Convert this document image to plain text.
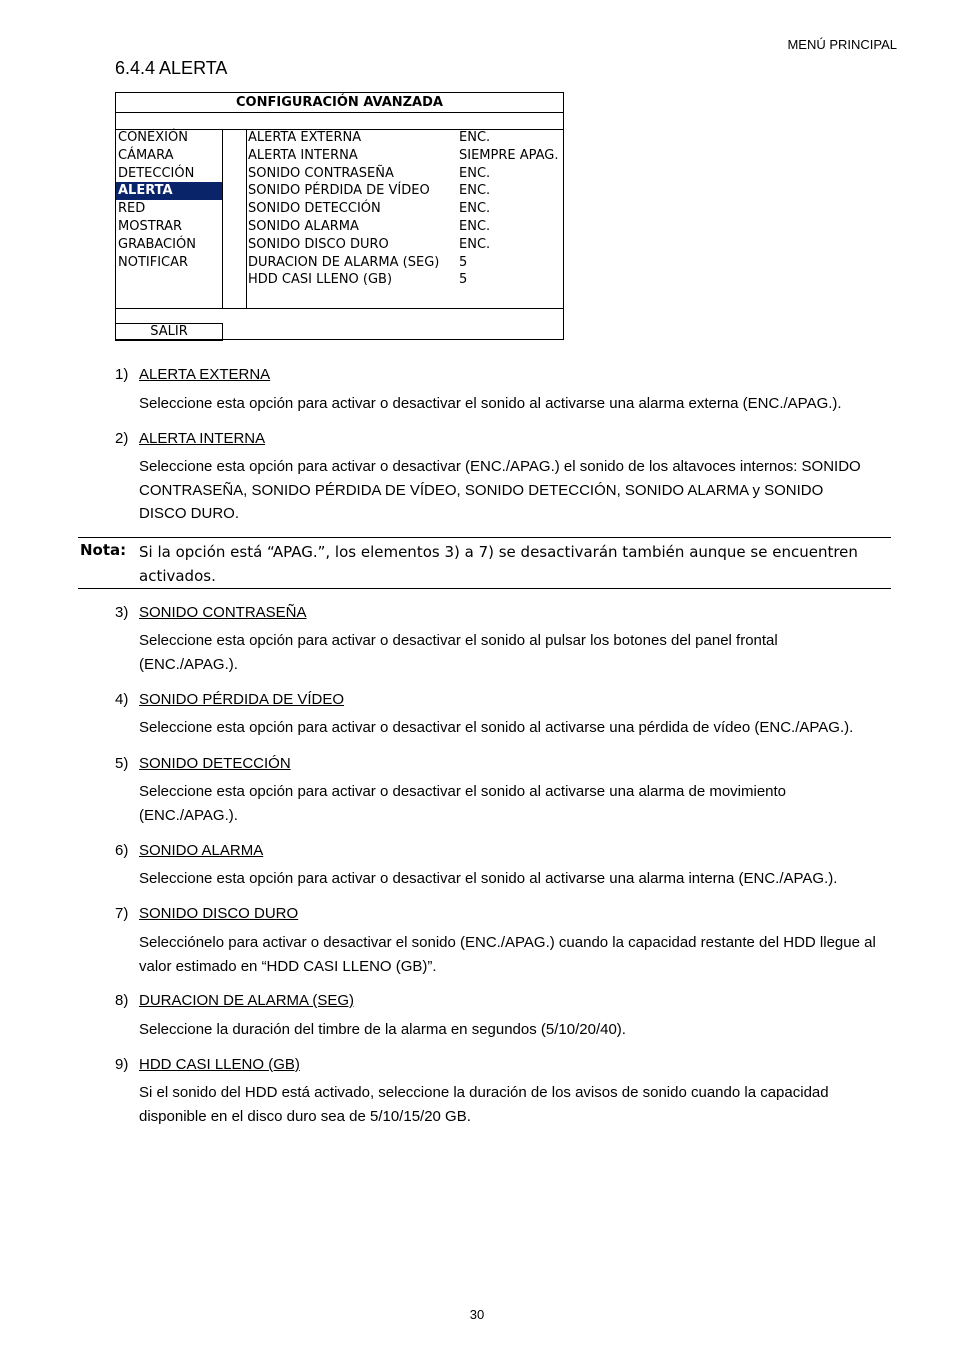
MENÚ PRINCIPAL
6.4.4 ALERTA
CONFIGURACIÓN AVANZADA
CONEXIÓN
CÁMARA
DETECCIÓN
ALERTA
RED
MOSTRAR
GRABACIÓN
NOTIFICAR
ALERTA EXTERNA	ENC.
ALERTA INTERNA	SIEMPRE APAG.
SONIDO CONTRASEÑA	ENC.
SONIDO PÉRDIDA DE VÍDEO	ENC.
SONIDO DETECCIÓN	ENC.
SONIDO ALARMA	ENC.
SONIDO DISCO DURO	ENC.
DURACION DE ALARMA (SEG)	5
HDD CASI LLENO (GB)	5
SALIR
1) ALERTA EXTERNA
Seleccione esta opción para activar o desactivar el sonido al activarse una alarma externa (ENC./APAG.).
2) ALERTA INTERNA
Seleccione esta opción para activar o desactivar (ENC./APAG.) el sonido de los altavoces internos: SONIDO CONTRASEÑA, SONIDO PÉRDIDA DE VÍDEO, SONIDO DETECCIÓN, SONIDO ALARMA y SONIDO DISCO DURO.
Nota: Si la opción está “APAG.”, los elementos 3) a 7) se desactivarán también aunque se encuentren activados.
3) SONIDO CONTRASEÑA
Seleccione esta opción para activar o desactivar el sonido al pulsar los botones del panel frontal (ENC./APAG.).
4) SONIDO PÉRDIDA DE VÍDEO
Seleccione esta opción para activar o desactivar el sonido al activarse una pérdida de vídeo (ENC./APAG.).
5) SONIDO DETECCIÓN
Seleccione esta opción para activar o desactivar el sonido al activarse una alarma de movimiento (ENC./APAG.).
6) SONIDO ALARMA
Seleccione esta opción para activar o desactivar el sonido al activarse una alarma interna (ENC./APAG.).
7) SONIDO DISCO DURO
Selecciónelo para activar o desactivar el sonido (ENC./APAG.) cuando la capacidad restante del HDD llegue al valor estimado en “HDD CASI LLENO (GB)”.
8) DURACION DE ALARMA (SEG)
Seleccione la duración del timbre de la alarma en segundos (5/10/20/40).
9) HDD CASI LLENO (GB)
Si el sonido del HDD está activado, seleccione la duración de los avisos de sonido cuando la capacidad disponible en el disco duro sea de 5/10/15/20 GB.
30
